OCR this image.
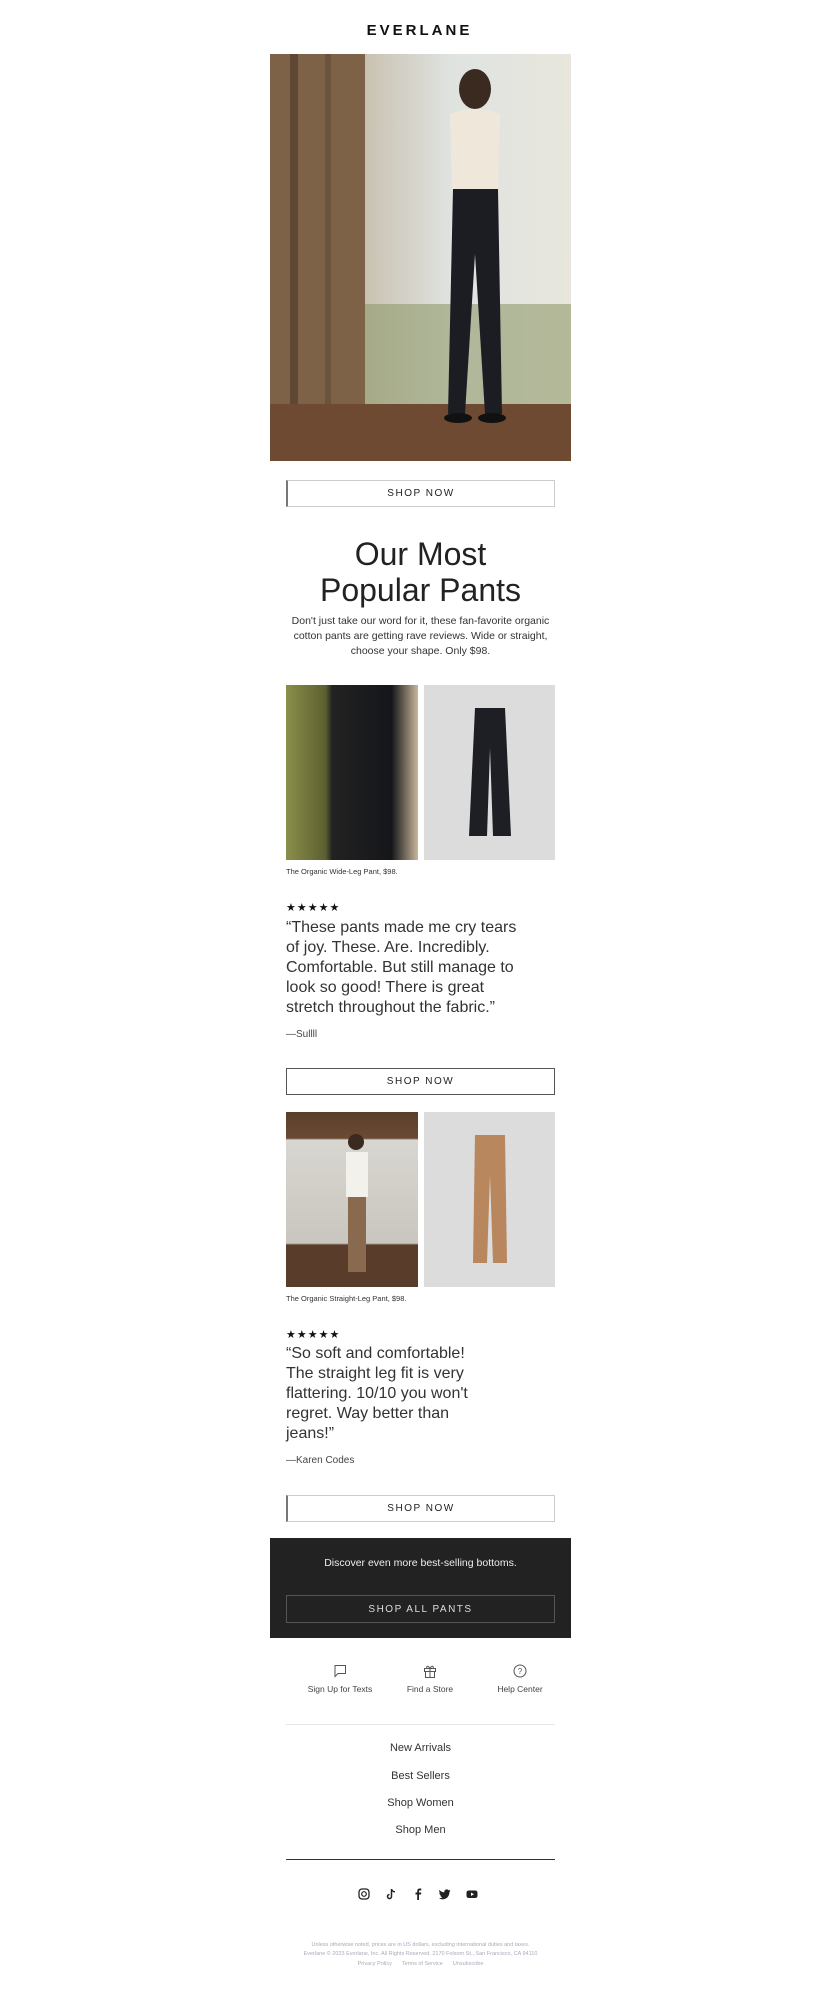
EVERLANE
SHOP NOW
Our Most
Popular Pants
Don't just take our word for it, these fan-favorite organic cotton pants are getting rave reviews. Wide or straight, choose your shape. Only $98.
The Organic Wide-Leg Pant, $98.
★★★★★
“These pants made me cry tears of joy. These. Are. Incredibly. Comfortable. But still manage to look so good! There is great stretch throughout the fabric.”
—Sullll
SHOP NOW
The Organic Straight-Leg Pant, $98.
★★★★★
“So soft and comfortable! The straight leg fit is very flattering. 10/10 you won't regret. Way better than jeans!”
—Karen Codes
SHOP NOW
Discover even more best-selling bottoms.
SHOP ALL PANTS
Sign Up for Texts	Find a Store
?
Help Center
New Arrivals
Best Sellers
Shop Women
Shop Men
Unless otherwise noted, prices are in US dollars, excluding international duties and taxes.
Everlane © 2023 Everlane, Inc. All Rights Reserved. 2170 Folsom St., San Francisco, CA 94110
Privacy Policy Terms of Service Unsubscribe
